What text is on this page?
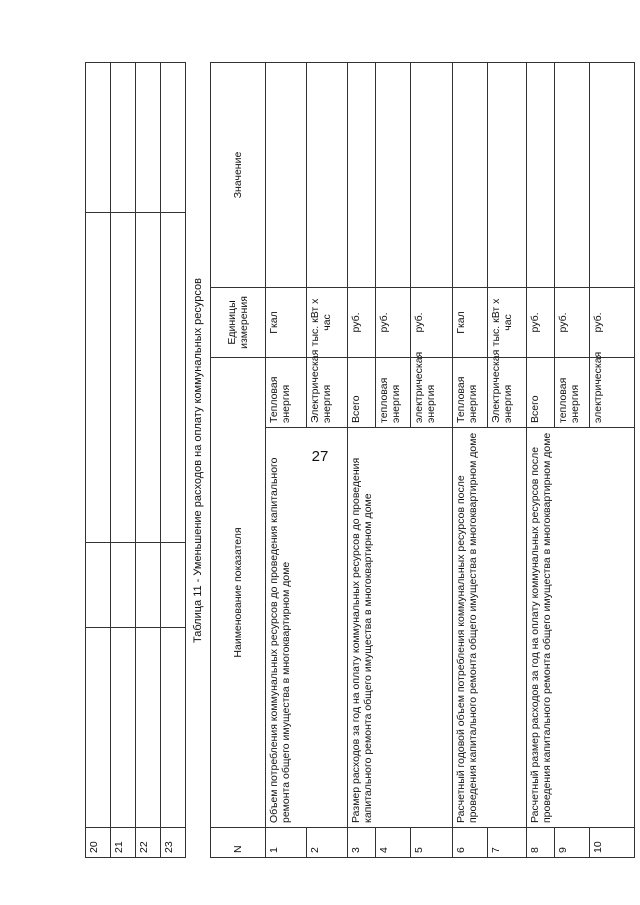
27
20				
21				
22				
23				
Таблица 11 - Уменьшение расходов на оплату коммунальных ресурсов
N	Наименование показателя		Единицы измерения	Значение
1	Объем потребления коммунальных ресурсов до проведения капитального ремонта общего имущества в многоквартирном доме	Тепловая энергия	Гкал	
2		Электрическая энергия	тыс. кВт х час	
3	Размер расходов за год на оплату коммунальных ресурсов до проведения капитального ремонта общего имущества в многоквартирном доме	Всего	руб.	
4		тепловая энергия	руб.	
5		электрическая энергия	руб.	
6	Расчетный годовой объем потребления коммунальных ресурсов после проведения капитального ремонта общего имущества в многоквартирном доме	Тепловая энергия	Гкал	
7		Электрическая энергия	тыс. кВт х час	
8	Расчетный размер расходов за год на оплату коммунальных ресурсов после проведения капитального ремонта общего имущества в многоквартирном доме	Всего	руб.	
9		тепловая энергия	руб.	
10		электрическая	руб.	
